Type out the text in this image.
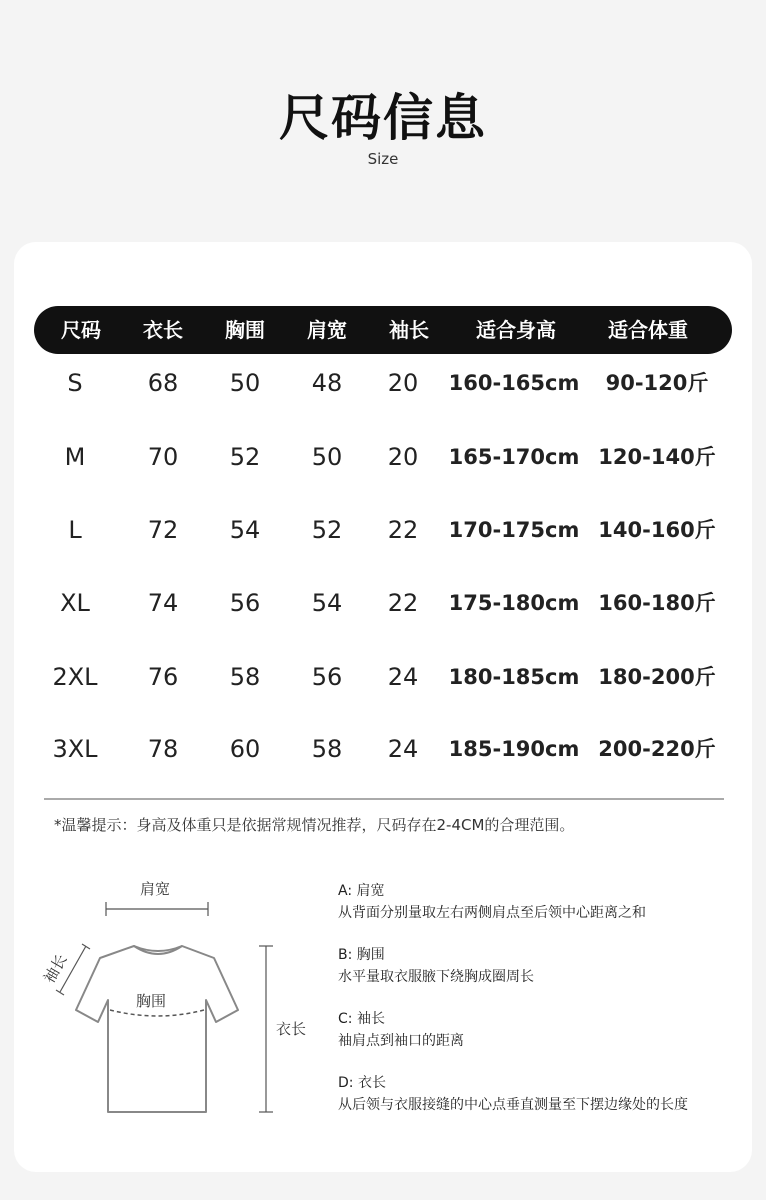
尺码信息
Size
尺码	衣长	胸围	肩宽	袖长	适合身高	适合体重
S	68	50	48	20	160-165cm	90-120斤
M	70	52	50	20	165-170cm 120-140斤
L	72	54	52	22	170-175cm 140-160斤
XL	74	56	54	22	175-180cm 160-180斤
2XL	76	58	56	24	180-185cm 180-200斤
3XL	78	60	58	24	185-190cm 200-220斤
*温馨提示：身高及体重只是依据常规情况推荐，尺码存在2-4CM的合理范围。
肩宽
袖长
胸围
衣长
A: 肩宽
从背面分别量取左右两侧肩点至后领中心距离之和
B: 胸围
水平量取衣服腋下绕胸成圈周长
C: 袖长
袖肩点到袖口的距离
D: 衣长
从后领与衣服接缝的中心点垂直测量至下摆边缘处的长度
